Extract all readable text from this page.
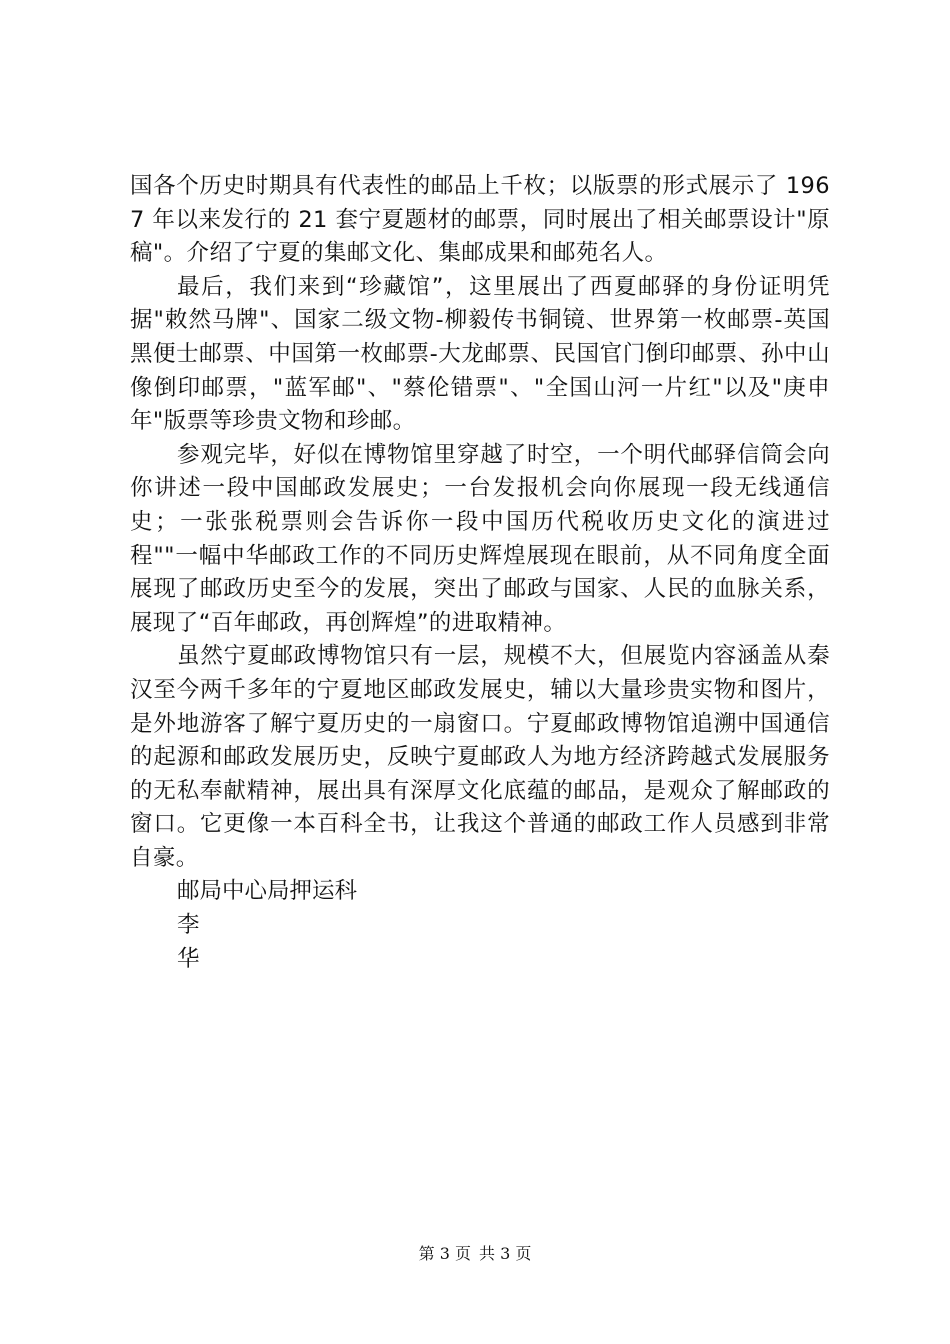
国各个历史时期具有代表性的邮品上千枚；以版票的形式展示了 1967 年以来发行的 21 套宁夏题材的邮票，同时展出了相关邮票设计"原稿"。介绍了宁夏的集邮文化、集邮成果和邮苑名人。

最后，我们来到“珍藏馆”，这里展出了西夏邮驿的身份证明凭据"敕然马牌"、国家二级文物-柳毅传书铜镜、世界第一枚邮票-英国黑便士邮票、中国第一枚邮票-大龙邮票、民国官门倒印邮票、孙中山像倒印邮票，"蓝军邮"、"蔡伦错票"、"全国山河一片红"以及"庚申年"版票等珍贵文物和珍邮。

参观完毕，好似在博物馆里穿越了时空，一个明代邮驿信筒会向你讲述一段中国邮政发展史；一台发报机会向你展现一段无线通信史；一张张税票则会告诉你一段中国历代税收历史文化的演进过程""一幅中华邮政工作的不同历史辉煌展现在眼前，从不同角度全面展现了邮政历史至今的发展，突出了邮政与国家、人民的血脉关系，展现了“百年邮政，再创辉煌”的进取精神。

虽然宁夏邮政博物馆只有一层，规模不大，但展览内容涵盖从秦汉至今两千多年的宁夏地区邮政发展史，辅以大量珍贵实物和图片，是外地游客了解宁夏历史的一扇窗口。宁夏邮政博物馆追溯中国通信的起源和邮政发展历史，反映宁夏邮政人为地方经济跨越式发展服务的无私奉献精神，展出具有深厚文化底蕴的邮品，是观众了解邮政的窗口。它更像一本百科全书，让我这个普通的邮政工作人员感到非常自豪。

邮局中心局押运科

李

华

第 3 页 共 3 页
